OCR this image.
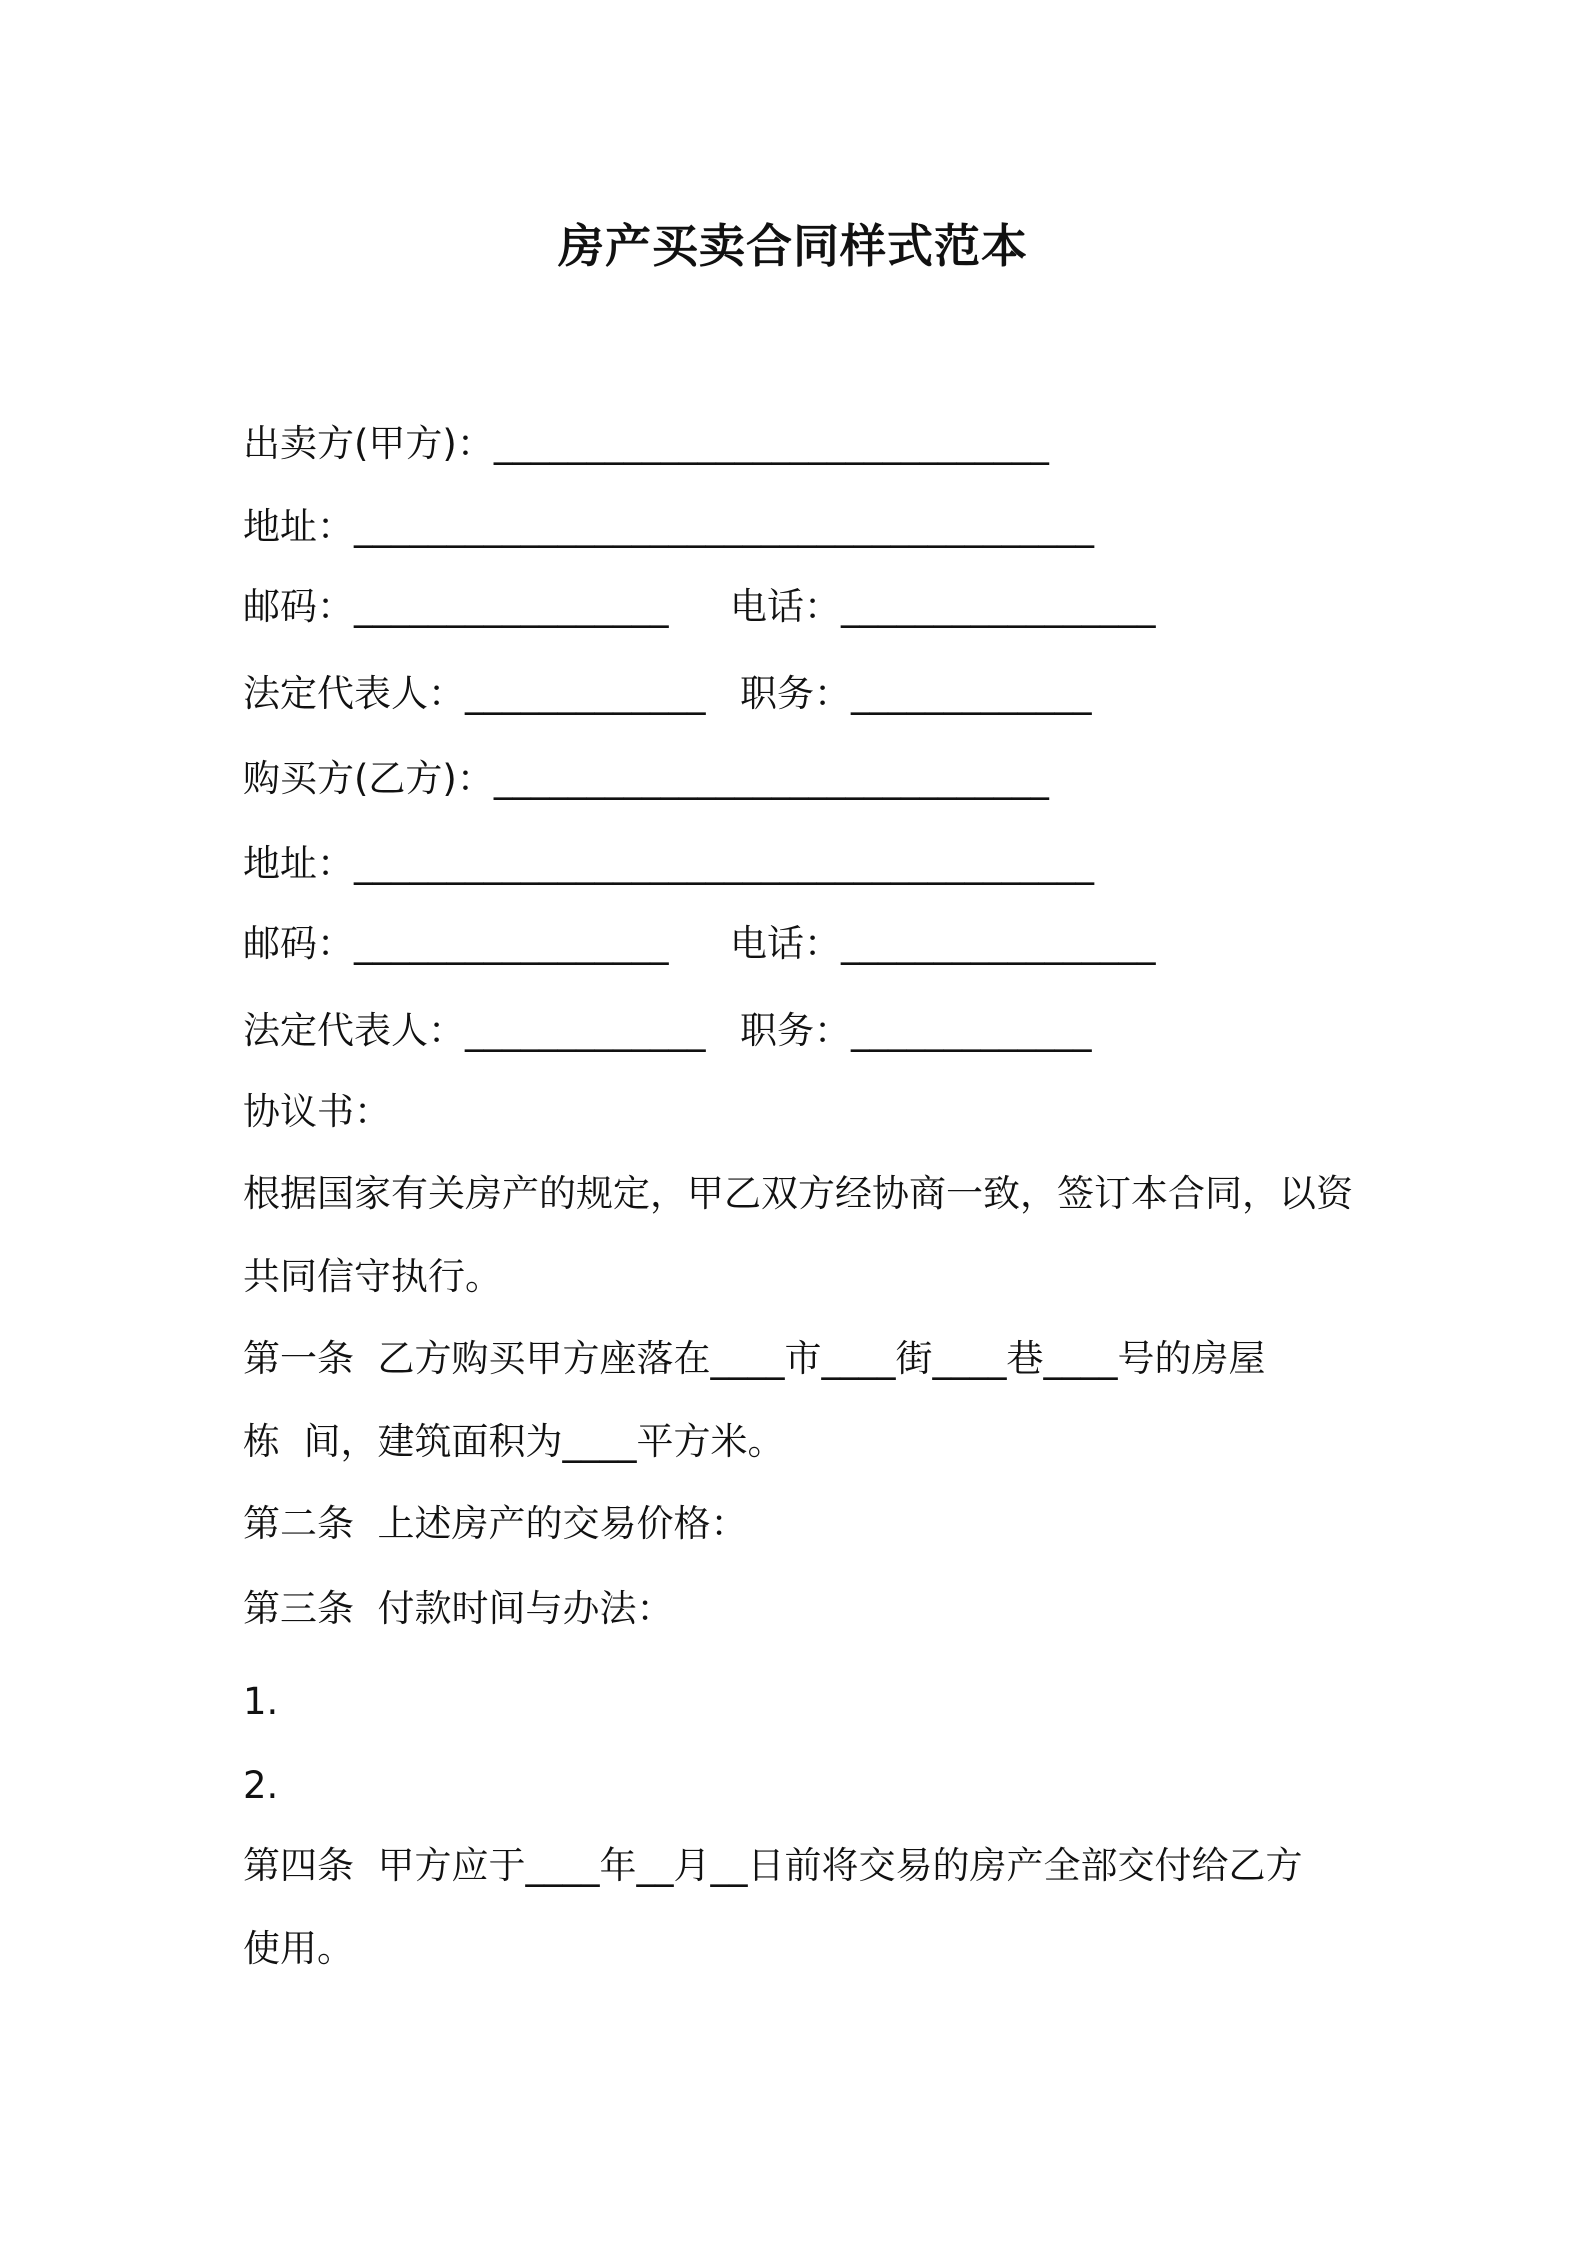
房产买卖合同样式范本
出卖方(甲方)：______________________________
地址：________________________________________
邮码：_________________ 电话：_________________
法定代表人：_____________ 职务：_____________
购买方(乙方)：______________________________
地址：________________________________________
邮码：_________________ 电话：_________________
法定代表人：_____________ 职务：_____________
协议书：
根据国家有关房产的规定，甲乙双方经协商一致，签订本合同，以资
共同信守执行。
第一条  乙方购买甲方座落在____市____街____巷____号的房屋
栋  间，建筑面积为____平方米。
第二条  上述房产的交易价格：
第三条  付款时间与办法：
1.
2.
第四条  甲方应于____年__月__日前将交易的房产全部交付给乙方
使用。
